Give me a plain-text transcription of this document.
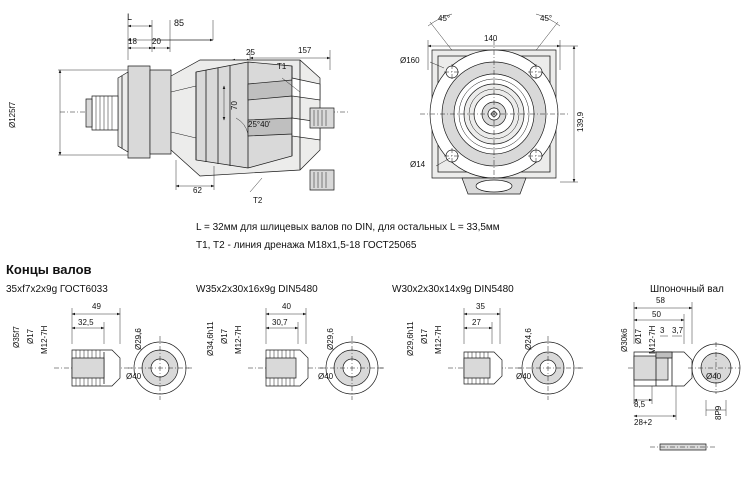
L
85
18 20
25	157
62
70
25°40'
Ø125f7
T1
T2
45°	45°
140
Ø160
139,9
Ø14
L = 32мм для шлицевых валов по DIN, для остальных L = 33,5мм
T1, T2 - линия дренажа M18x1,5-18 ГОСТ25065
Концы валов
35xf7x2x9g ГОСТ6033	W35x2x30x16x9g DIN5480	W30x2x30x14x9g DIN5480	Шпоночный вал
49
32,5
Ø35f7 Ø17 M12-7H	Ø29,6
Ø40
40
30,7
Ø34,6h11 Ø17 M12-7H	Ø29,6
Ø40
35
27
Ø29,6h11 Ø17 M12-7H	Ø24,6
Ø40
58
50
3 3,7
Ø30k6 Ø17 M12-7H
Ø40
8,5
28+2
8Р9
